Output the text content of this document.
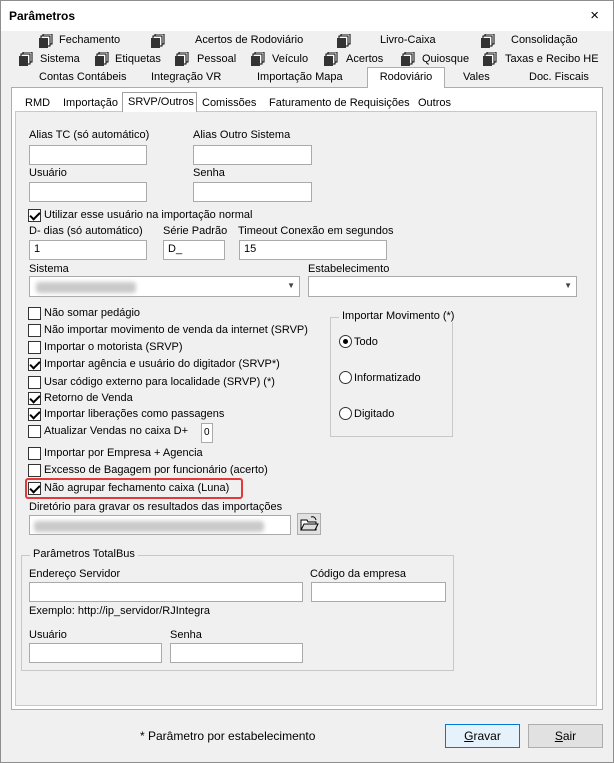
Parâmetros	×
Fechamento	Acertos de Rodoviário	Livro-Caixa	Consolidação
Sistema	Etiquetas	Pessoal	Veículo	Acertos	Quiosque	Taxas e Recibo HE
Contas Contábeis Integração VR	Importação Mapa	Rodoviário	Vales	Doc. Fiscais
RMD Importação SRVP/Outros Comissões Faturamento de Requisições Outros
Alias TC (só automático)	Alias Outro Sistema
Usuário	Senha
Utilizar esse usuário na importação normal
D- dias (só automático)
1
Série Padrão
D_
Timeout Conexão em segundos
15
Sistema
▼
Estabelecimento
▼
Não somar pedágio
Não importar movimento de venda da internet (SRVP)
Importar o motorista (SRVP)
Importar agência e usuário do digitador (SRVP*)
Usar código externo para localidade (SRVP) (*)
Retorno de Venda
Importar liberações como passagens
Atualizar Vendas no caixa D+	0
Importar por Empresa + Agencia
Excesso de Bagagem por funcionário (acerto)
Não agrupar fechamento caixa (Luna)
Importar Movimento (*)
Todo
Informatizado
Digitado
Diretório para gravar os resultados das importações
Parâmetros TotalBus
Endereço Servidor	Código da empresa
Exemplo: http://ip_servidor/RJIntegra
Usuário	Senha
* Parâmetro por estabelecimento	Gravar	Sair
